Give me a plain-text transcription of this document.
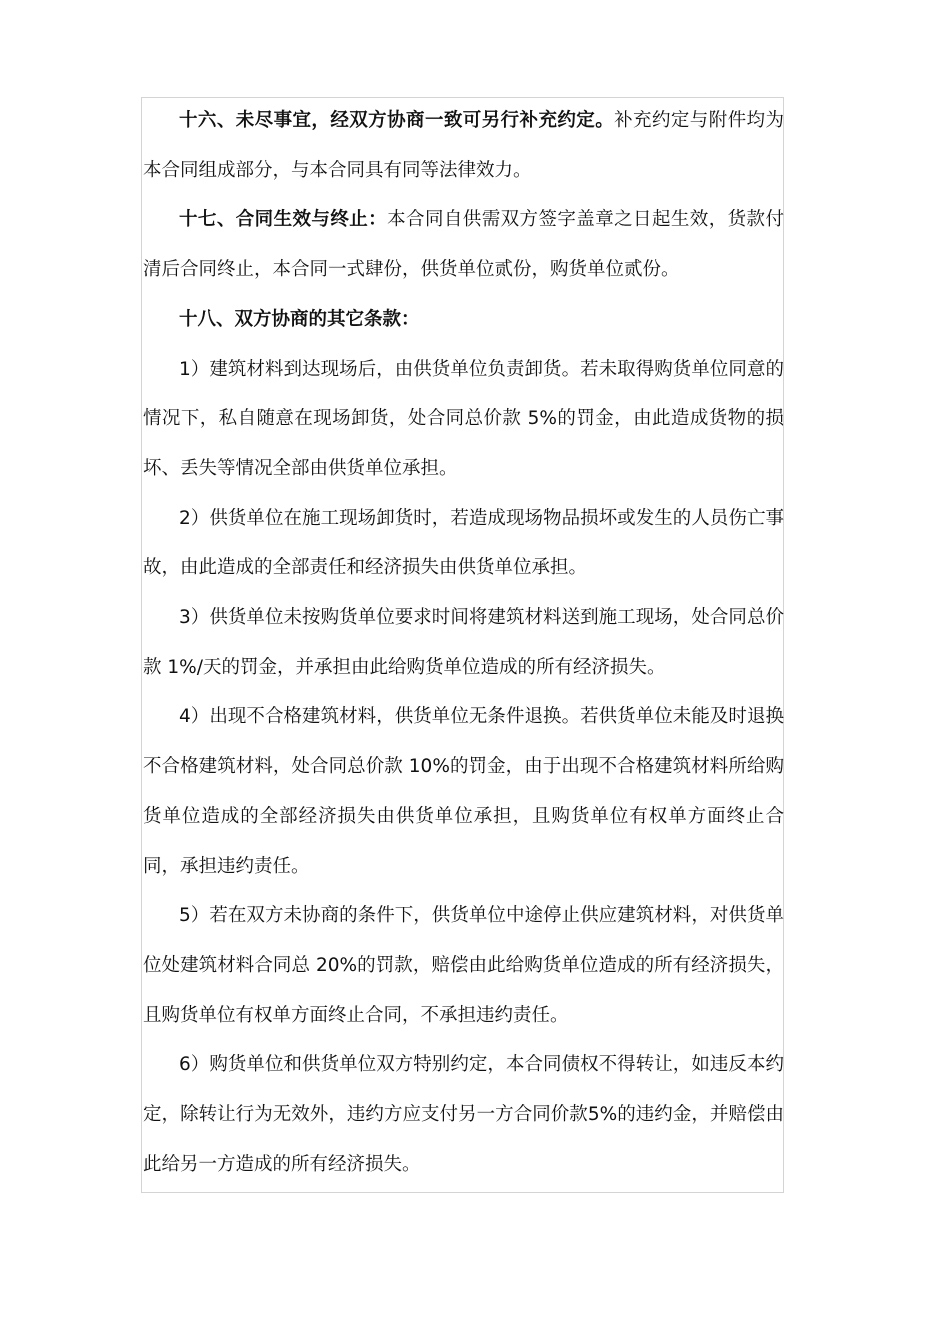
十六、未尽事宜，经双方协商一致可另行补充约定。补充约定与附件均为本合同组成部分，与本合同具有同等法律效力。

十七、合同生效与终止：本合同自供需双方签字盖章之日起生效，货款付清后合同终止，本合同一式肆份，供货单位贰份，购货单位贰份。

十八、双方协商的其它条款：

1）建筑材料到达现场后，由供货单位负责卸货。若未取得购货单位同意的情况下，私自随意在现场卸货，处合同总价款 5%的罚金，由此造成货物的损坏、丢失等情况全部由供货单位承担。

2）供货单位在施工现场卸货时，若造成现场物品损坏或发生的人员伤亡事故，由此造成的全部责任和经济损失由供货单位承担。

3）供货单位未按购货单位要求时间将建筑材料送到施工现场，处合同总价款 1%/天的罚金，并承担由此给购货单位造成的所有经济损失。

4）出现不合格建筑材料，供货单位无条件退换。若供货单位未能及时退换不合格建筑材料，处合同总价款 10%的罚金，由于出现不合格建筑材料所给购货单位造成的全部经济损失由供货单位承担，且购货单位有权单方面终止合同，承担违约责任。

5）若在双方未协商的条件下，供货单位中途停止供应建筑材料，对供货单位处建筑材料合同总 20%的罚款，赔偿由此给购货单位造成的所有经济损失，且购货单位有权单方面终止合同，不承担违约责任。

6）购货单位和供货单位双方特别约定，本合同债权不得转让，如违反本约定，除转让行为无效外，违约方应支付另一方合同价款5%的违约金，并赔偿由此给另一方造成的所有经济损失。
